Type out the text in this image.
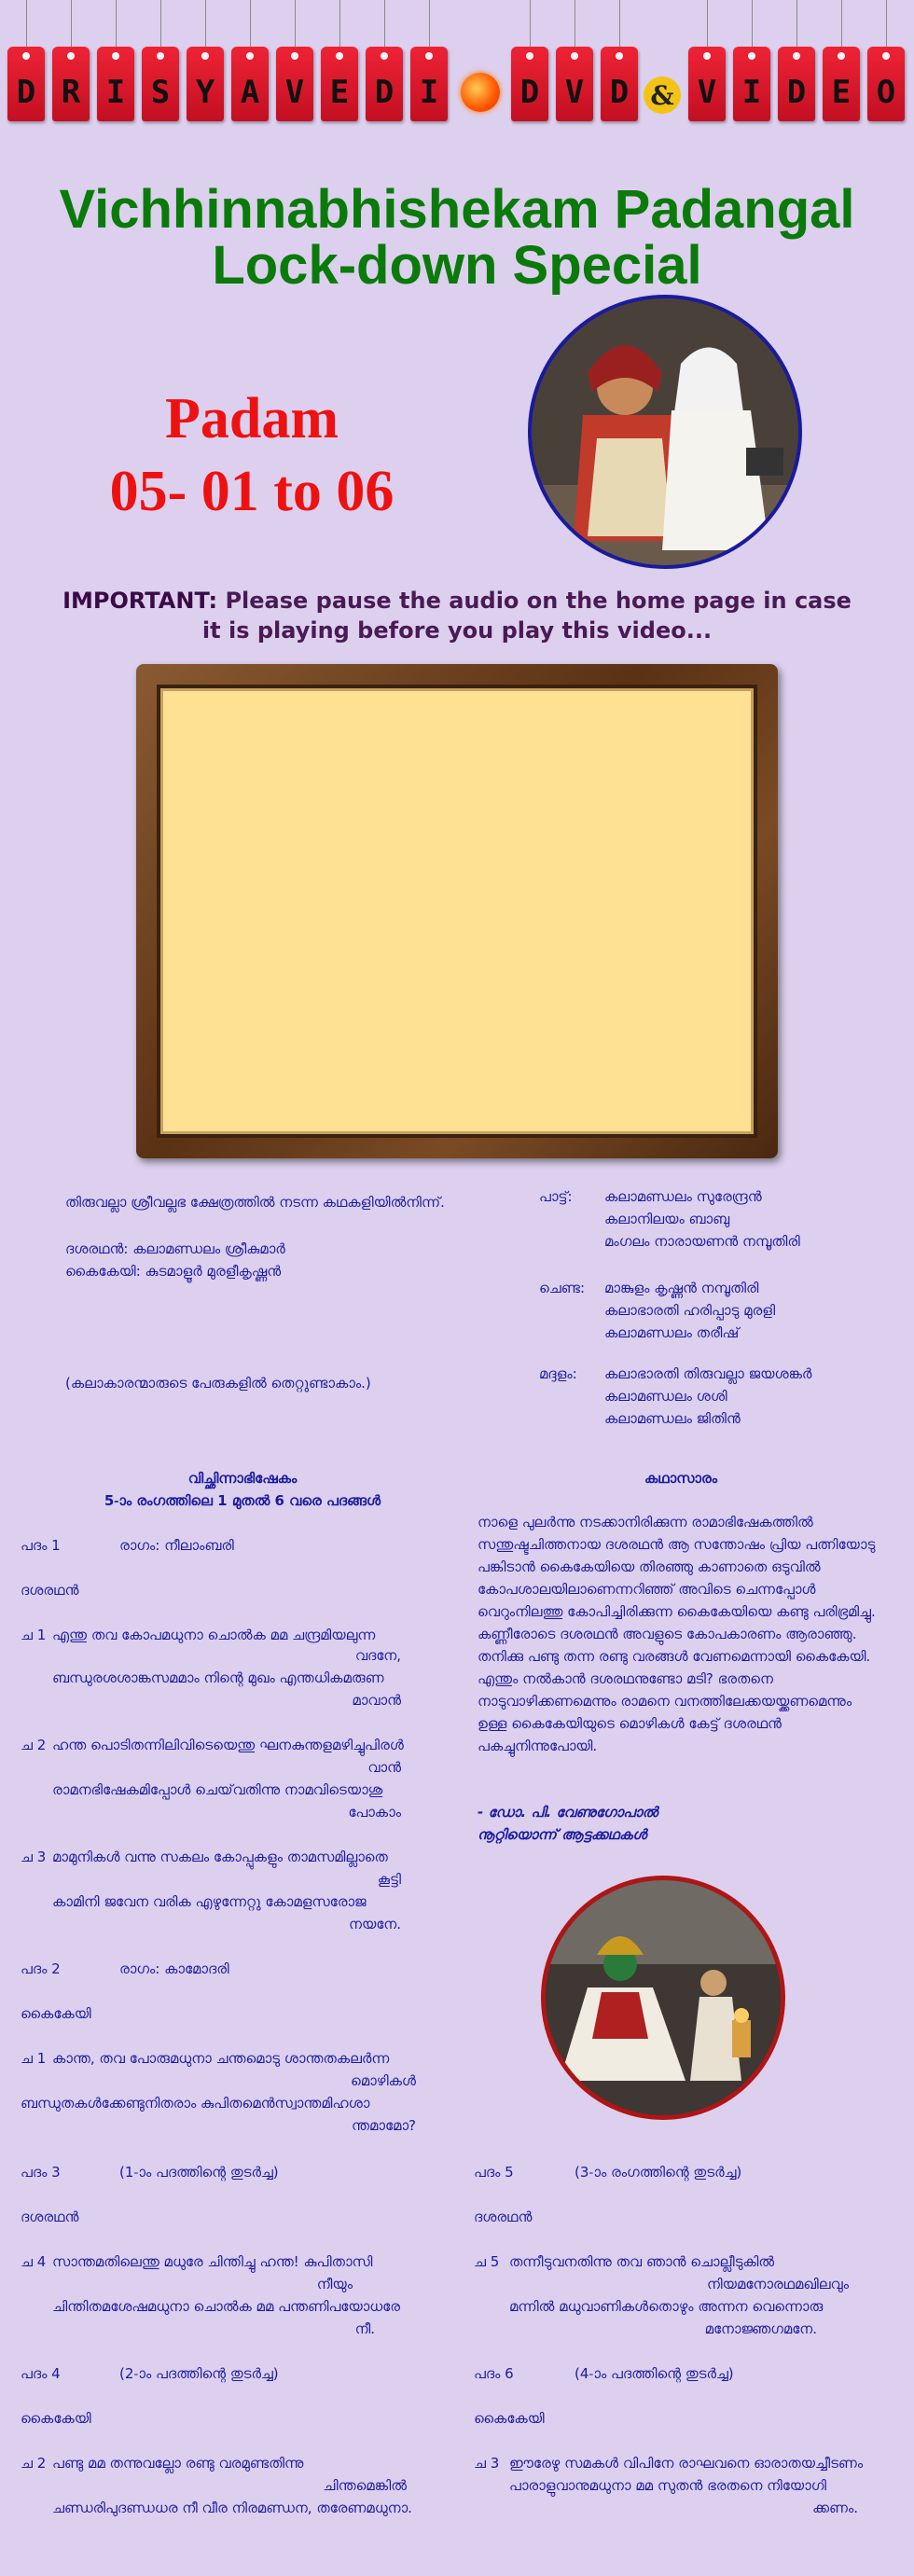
D R I S Y A V E D I	D V D V I D E O
&
Vichhinnabhishekam Padangal
Lock-down Special
Padam
05- 01 to 06
IMPORTANT: Please pause the audio on the home page in case it is playing before you play this video...
തിരുവല്ലാ ശ്രീവല്ലഭ ക്ഷേത്രത്തിൽ നടന്ന കഥകളിയിൽനിന്ന്.
ദശരഥൻ: കലാമണ്ഡലം ശ്രീകുമാർ
കൈകേയി: കുടമാളൂർ മുരളീകൃഷ്ണൻ
(കലാകാരന്മാരുടെ പേരുകളിൽ തെറ്റുണ്ടാകാം.)
പാട്ട്: കലാമണ്ഡലം സുരേന്ദ്രൻ
കലാനിലയം ബാബു
മംഗലം നാരായണൻ നമ്പൂതിരി
ചെണ്ട: മാങ്കുളം കൃഷ്ണൻ നമ്പൂതിരി
കലാഭാരതി ഹരിപ്പാടു മുരളി
കലാമണ്ഡലം തരീഷ്
മദ്ദളം: കലാഭാരതി തിരുവല്ലാ ജയശങ്കർ
കലാമണ്ഡലം ശശി
കലാമണ്ഡലം ജിതിൻ
വിച്ഛിന്നാഭിഷേകം
5-ാം രംഗത്തിലെ 1 മുതൽ 6 വരെ പദങ്ങൾ
പദം 1	രാഗം: നീലാംബരി
ദശരഥൻ
ച 1 എന്തു തവ കോപമധുനാ ചൊൽക മമ ചന്ദ്രമിയലുന്ന
വദനേ,
ബന്ധുരശശാങ്കസമമാം നിന്റെ മുഖം എന്തധികമരുണ
മാവാൻ
ച 2 ഹന്ത പൊടിതന്നിലിവിടെയെന്തു ഘനകുന്തളമഴിച്ചുപിരൾ
വാൻ
രാമനഭിഷേകമിപ്പോൾ ചെയ്‌വതിന്നു നാമവിടെയാശു
പോകാം
ച 3 മാമുനികൾ വന്നു സകലം കോപ്പുകളും താമസമില്ലാതെ
കൂട്ടി
കാമിനി ജവേന വരിക എഴുന്നേറ്റു കോമളസരോജ
നയനേ.
പദം 2	രാഗം: കാമോദരി
കൈകേയി
ച 1 കാന്ത, തവ പോരുമധുനാ ചന്തമൊടു ശാന്തതകലർന്ന
മൊഴികൾ
ബന്ധുതകൾക്കേണ്ടുനിതരാം കുപിതമെൻസ്വാന്തമിഹശാ
ന്തമാമോ?
പദം 3	(1-ാം പദത്തിന്റെ തുടർച്ച)
ദശരഥൻ
ച 4 സാന്തമതിലെന്തു മധുരേ ചിന്തിച്ചു ഹന്ത! കുപിതാസി
നീയും
ചിന്തിതമശേഷമധുനാ ചൊൽക മമ പന്തണിപയോധരേ
നീ.
പദം 4	(2-ാം പദത്തിന്റെ തുടർച്ച)
കൈകേയി
ച 2 പണ്ടു മമ തന്നുവല്ലോ രണ്ടു വരമുണ്ടതിന്നു
ചിന്തമെങ്കിൽ
ചണ്ഡരിപുദണ്ഡധര നീ വീര നിരമണ്ഡന, തരേണമധുനാ.
കഥാസാരം
നാളെ പുലർന്നു നടക്കാനിരിക്കുന്ന രാമാഭിഷേകത്തിൽ സന്തുഷ്ടചിത്തനായ ദശരഥൻ ആ സന്തോഷം പ്രിയ പത്നിയോടു പങ്കിടാൻ കൈകേയിയെ തിരഞ്ഞു കാണാതെ ഒടുവിൽ കോപശാലയിലാണെന്നറിഞ്ഞ് അവിടെ ചെന്നപ്പോൾ വെറുംനിലത്തു കോപിച്ചിരിക്കുന്ന കൈകേയിയെ കണ്ടു പരിഭ്രമിച്ചു. കണ്ണീരോടെ ദശരഥൻ അവളുടെ കോപകാരണം ആരാഞ്ഞു. തനിക്കു പണ്ടു തന്ന രണ്ടു വരങ്ങൾ വേണമെന്നായി കൈകേയി. എന്തും നൽകാൻ ദശരഥനുണ്ടോ മടി? ഭരതനെ നാടുവാഴിക്കണമെന്നും രാമനെ വനത്തിലേക്കയയ്ക്കണമെന്നും ഉള്ള കൈകേയിയുടെ മൊഴികൾ കേട്ട് ദശരഥൻ പകച്ചുനിന്നുപോയി.
- ഡോ. പി. വേണുഗോപാൽ
നൂറ്റിയൊന്ന് ആട്ടക്കഥകൾ
പദം 5	(3-ാം രംഗത്തിന്റെ തുടർച്ച)
ദശരഥൻ
ച 5 തന്നീടുവനതിന്നു തവ ഞാൻ ചൊല്ലീടുകിൽ
നിയമനോരഥമഖിലവും
മന്നിൽ മധുവാണികൾതൊഴും അന്നന വെന്നൊരു
മനോജ്ഞഗമനേ.
പദം 6	(4-ാം പദത്തിന്റെ തുടർച്ച)
കൈകേയി
ച 3 ഈരേഴു സമകൾ വിപിനേ രാഘവനെ ഓരാതയച്ചീടണം
പാരാളുവാനുമധുനാ മമ സുതൻ ഭരതനെ നിയോഗി
ക്കണം.
